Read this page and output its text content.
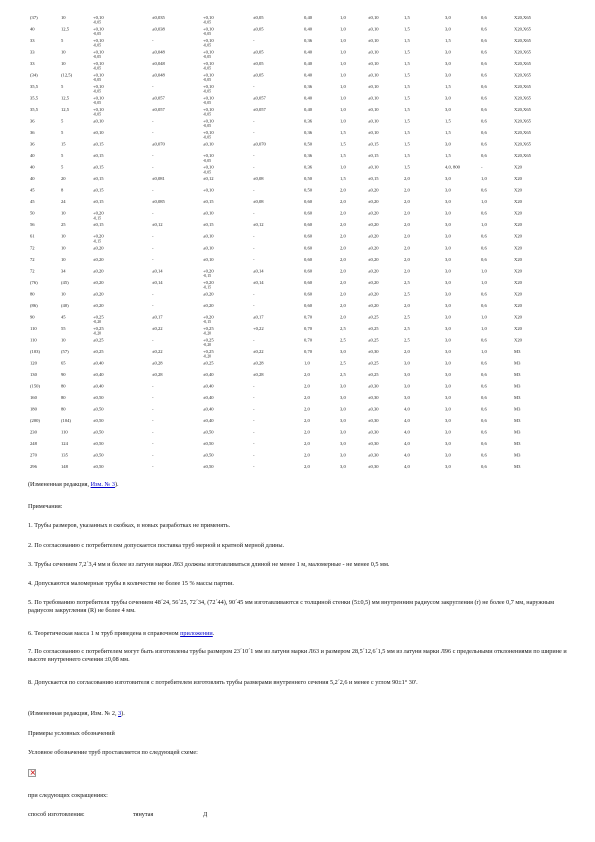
(37)	10	+0,10
-0,05
±0,035	+0,10
-0,05
±0,05	0,40	1,0	±0,10	1,5	3,0	0,6	Х20,Х65
40	12,5	+0,10
-0,05
±0,038	+0,10
-0,05
±0,05	0,40	1,0	±0,10	1,5	3,0	0,6	Х20,Х65
33	5	+0,10
-0,05
-	+0,10
-0,05
-	0,36	1,0	±0,10	1,5	1,5	0,6	Х20,Х65
33	10	+0,10
-0,05
±0,048	+0,10
-0,05
±0,05	0,40	1,0	±0,10	1,5	3,0	0,6	Х20,Х65
33	10	+0,10
-0,05
±0,048	+0,10
-0,05
±0,05	0,40	1,0	±0,10	1,5	3,0	0,6	Х20,Х65
(34)	(12,5)	+0,10
-0,05
±0,048	+0,10
-0,05
±0,05	0,40	1,0	±0,10	1,5	3,0	0,6	Х20,Х65
35,5	5	+0,10
-0,05
-	+0,10
-0,05
-	0,36	1,0	±0,10	1,5	1,5	0,6	Х20,Х65
35,5	12,5	+0,10
-0,05
±0,057	+0,10
-0,05
±0,057	0,40	1,0	±0,10	1,5	3,0	0,6	Х20,Х65
35,5	12,5	+0,10
-0,05
±0,057	+0,10
-0,05
±0,057	0,40	1,0	±0,10	1,5	3,0	0,6	Х20,Х65
36	5	±0,10	-	+0,10
-0,05
-	0,36	1,0	±0,10	1,5	1,5	0,6	Х20,Х65
36	5	±0,10	-	+0,10
-0,05
-	0,36	1,5	±0,10	1,5	1,5	0,6	Х20,Х65
36	15	±0,15	±0,070	±0,10	±0,070	0,50	1,5	±0,15	1,5	3,0	0,6	Х20,Х65
40	5	±0,15	-	+0,10
-0,05
-	0,36	1,5	±0,15	1,5	1,5	0,6	Х20,Х65
40	5	±0,15	-	+0,10
-0,05
-	0,36	1,0	±0,10	1,5	4,0, 800	-	Х20
40	20	±0,15	±0,081	±0,12	±0,08	0,50	1,5	±0,15	2,0	3,0	1,0	Х20
45	8	±0,15	-	+0,10	-	0,50	2,0	±0,20	2,0	3,0	0,6	Х20
45	24	±0,15	±0,085	±0,15	±0,08	0,60	2,0	±0,20	2,0	3,0	1,0	Х20
50	10	+0,20
-0,15
-	±0,10	-	0,60	2,0	±0,20	2,0	3,0	0,6	Х20
56	25	±0,15	±0,12	±0,15	±0,12	0,60	2,0	±0,20	2,0	3,0	1,0	Х20
61	10	+0,20
-0,15
-	±0,10	-	0,60	2,0	±0,20	2,0	3,0	0,6	Х20
72	10	±0,20	-	±0,10	-	0,60	2,0	±0,20	2,0	3,0	0,6	Х20
72	10	±0,20	-	±0,10	-	0,60	2,0	±0,20	2,0	3,0	0,6	Х20
72	34	±0,20	±0,14	+0,20
-0,15
±0,14	0,60	2,0	±0,20	2,0	3,0	1,0	Х20
(76)	(45)	±0,20	±0,14	+0,20
-0,15
±0,14	0,60	2,0	±0,20	2,5	3,0	1,0	Х20
80	10	±0,20	-	±0,20	-	0,60	2,0	±0,20	2,5	3,0	0,6	Х20
(86)	(40)	±0,20	-	±0,20	-	0,60	2,0	±0,20	2,0	3,0	0,6	Х20
90	45	+0,25
-0,20
±0,17	+0,20
-0,15
±0,17	0,70	2,0	±0,25	2,5	3,0	1,0	Х20
110	55	+0,25
-0,20
±0,22	+0,25
-0,20
+0,22	0,70	2,5	±0,25	2,5	3,0	1,0	Х20
110	10	±0,25	-	+0,25
-0,20
-	0,70	2,5	±0,25	2,5	3,0	0,6	Х20
(103)	(57)	±0,25	±0,22	+0,25
-0,20
±0,22	0,70	3,0	±0,30	2,0	3,0	1,0	М3
120	65	±0,40	±0,28	±0,25	±0,28	1,0	2,5	±0,25	3,0	3,0	0,6	М3
130	90	±0,40	±0,28	±0,40	±0,28	2,0	2,5	±0,25	3,0	3,0	0,6	М3
(150)	80	±0,40	-	±0,40	-	2,0	3,0	±0,30	3,0	3,0	0,6	М3
160	80	±0,50	-	±0,40	-	2,0	3,0	±0,30	3,0	3,0	0,6	М3
180	80	±0,50	-	±0,40	-	2,0	3,0	±0,30	4,0	3,0	0,6	М3
(200)	(104)	±0,50	-	±0,40	-	2,0	3,0	±0,30	4,0	3,0	0,6	М3
230	110	±0,50	-	±0,50	-	2,0	3,0	±0,30	4,0	3,0	0,6	М3
248	124	±0,50	-	±0,50	-	2,0	3,0	±0,30	4,0	3,0	0,6	М3
270	135	±0,50	-	±0,50	-	2,0	3,0	±0,30	4,0	3,0	0,6	М3
296	148	±0,50	-	±0,50	-	2,0	3,0	±0,30	4,0	3,0	0,6	М3

(Измененная редакция, Изм. № 3).

Примечания:

1. Трубы размеров, указанных в скобках, в новых разработках не применять.

2. По согласованию с потребителем допускается поставка труб мерной и кратной мерной длины.

3. Трубы сечением 7,2´3,4 мм и более из латуни марки Л63 должны изготавливаться длиной не менее 1 м, маломерные - не менее 0,5 мм.

4. Допускаются маломерные трубы в количестве не более 15 % массы партии.

5. По требованию потребителя трубы сечением 48´24, 56´25, 72´34, (72´44), 90´45 мм изготавливаются с толщиной стенки (5±0,5) мм внутренним радиусом закругления (r) не более 0,7 мм, наружным радиусом закругления (R) не более 4 мм.

6. Теоретическая масса 1 м труб приведена в справочном приложении.

7. По согласованию с потребителем могут быть изготовлены трубы размером 23´10´1 мм из латуни марки Л63 и размером 28,5´12,6´1,5 мм из латуни марки Л96 с предельными отклонениями по ширине и высоте внутреннего сечения ±0,08 мм.

8. Допускается по согласованию изготовителя с потребителем изготовлять трубы размерами внутреннего сечения 5,2´2,6 и менее с углом 90±1° 30'.

(Измененная редакция, Изм. № 2, 3).

Примеры условных обозначений

Условное обозначение труб проставляется по следующей схеме:

×

при следующих сокращениях:

способ изготовления:	тянутая	Д
